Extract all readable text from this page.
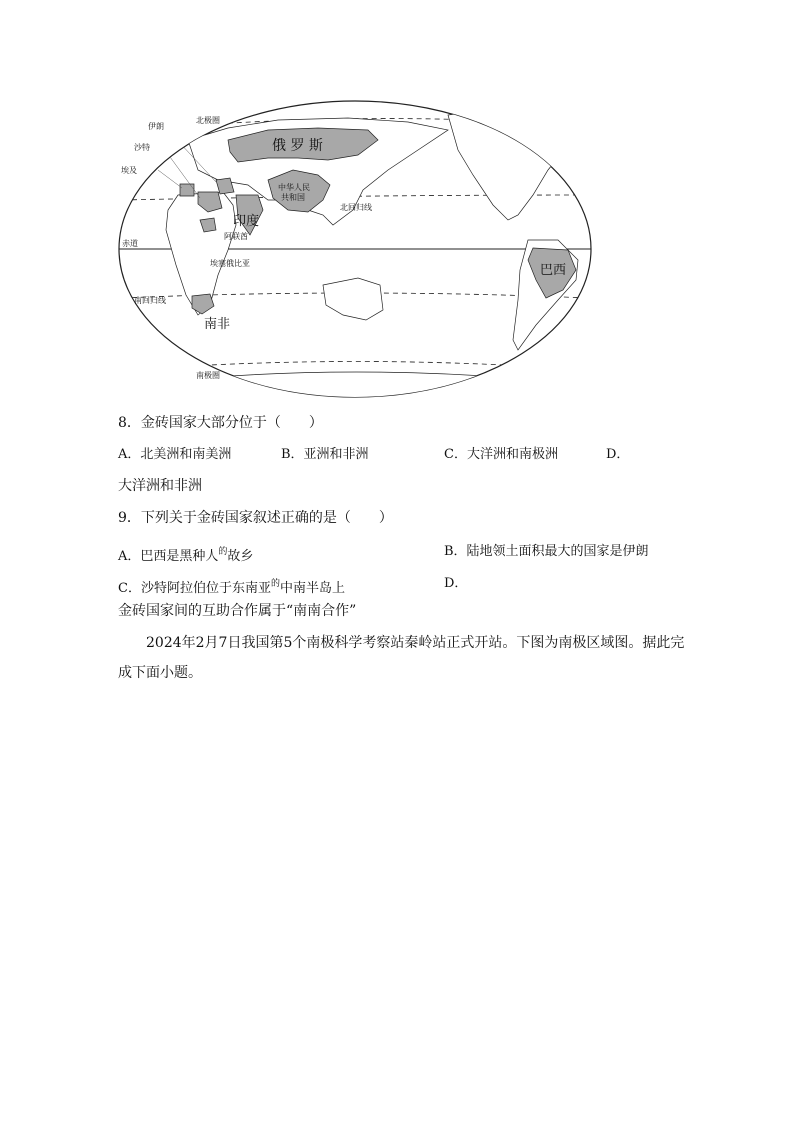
北极圈
伊朗
沙特
埃及
俄 罗 斯
中华人民
共和国
北回归线
印度
阿联酋
赤道
埃塞俄比亚	巴西
南回归线
南非
南极圈
8．金砖国家大部分位于（　　）
A．北美洲和南美洲	B．亚洲和非洲	C．大洋洲和南极洲	D．
大洋洲和非洲
9．下列关于金砖国家叙述正确的是（　　）
A．巴西是黑种人$^的$故乡	B．陆地领土面积最大的国家是伊朗
C．沙特阿拉伯位于东南亚$^的$中南半岛上	D．
金砖国家间的互助合作属于“南南合作”
2024年2月7日我国第5个南极科学考察站秦岭站正式开站。下图为南极区域图。据此完
成下面小题。
